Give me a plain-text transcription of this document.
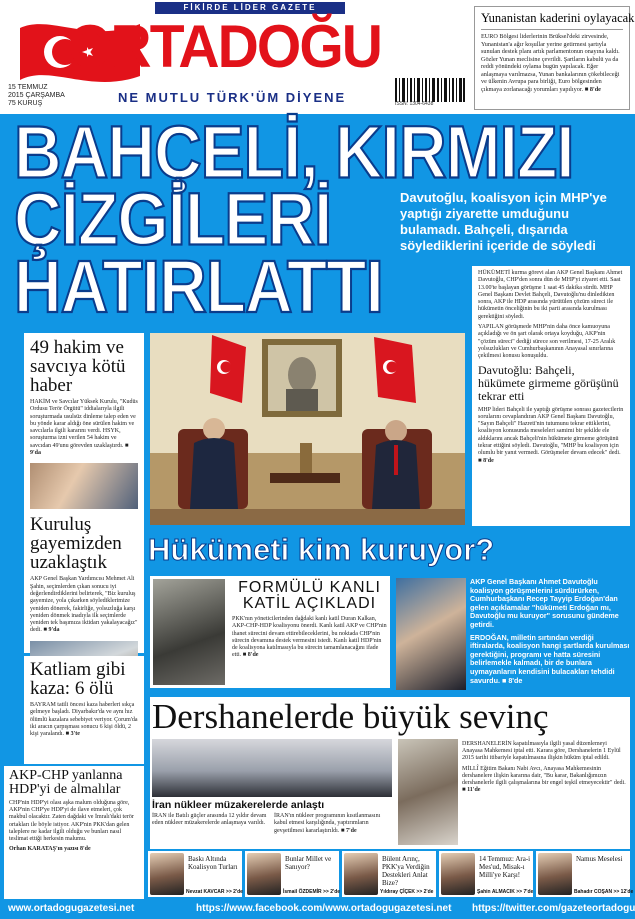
FİKİRDE LİDER GAZETE
ORTADOĞU
15 TEMMUZ
2015 ÇARŞAMBA
75 KURUŞ	NE MUTLU TÜRK'ÜM DİYENE	ISSN: 1304-6438
Yunanistan kaderini oylayacak
EURO Bölgesi liderlerinin Brüksel'deki zirvesinde, Yunanistan'a ağır koşullar yerine getirmesi şartıyla sunulan destek planı artık parlamentonun onayına kaldı. Gözler Yunan meclisine çevrildi. Şartların kabulü ya da reddi yönündeki oylama bugün yapılacak. Eğer anlaşmaya varılmazsa, Yunan bankalarının çökebileceği ve ülkenin Avrupa para birliği, Euro bölgesinden çıkmaya zorlanacağı yorumları yapılıyor. ■ 8'de
BAHÇELİ, KIRMIZI
ÇİZGİLERİ
HATIRLATTI
Davutoğlu, koalisyon için MHP'ye yaptığı ziyarette umduğunu bulamadı. Bahçeli, dışarıda söylediklerini içeride de söyledi

HÜKÜMETİ kurma görevi alan AKP Genel Başkanı Ahmet Davutoğlu, CHP'den sonra dün de MHP'yi ziyaret etti. Saat 13.00'te başlayan görüşme 1 saat 45 dakika sürdü. MHP Genel Başkanı Devlet Bahçeli, Davutoğlu'nu dinledikten sonra, AKP ile HDP arasında yürütülen çözüm süreci ile hükümetin önceliğinin bu iki parti arasında kurulması gerektiğini söyledi.

YAPILAN görüşmede MHP'nin daha önce kamuoyuna açıkladığı ve ön şart olarak ortaya koyduğu, AKP'nin "çözüm süreci" dediği sürece son verilmesi, 17-25 Aralık yolsuzlukları ve Cumhurbaşkanının Anayasal sınırlarına çekilmesi konusu konuşuldu.

Davutoğlu: Bahçeli, hükümete girmeme görüşünü tekrar etti

MHP lideri Bahçeli ile yaptığı görüşme sonrası gazetecilerin sorularını cevaplandıran AKP Genel Başkanı Davutoğlu, "Sayın Bahçeli" Hazreti'nin tutumunu tekrar ettiklerini, koalisyon konusunda meseleleri samimi bir şekilde ele aldıklarını ancak Bahçeli'nin hükümete girmeme görüşünü tekrar ettiğini söyledi. Davutoğlu, "MHP bu koalisyon için olumlu bir yanıt vermedi. Görüşmeler devam edecek" dedi. ■ 8'de

49 hakim ve savcıya kötü haber
HAKİM ve Savcılar Yüksek Kurulu, "Kudüs Ordusu Terör Örgütü" iddialarıyla ilgili soruşturmada usulsüz dinleme talep eden ve bu yönde karar aldığı öne sürülen hakim ve savcılarla ilgili kararını verdi. HSYK, soruşturma izni verilen 54 hakim ve savcıdan 49'unu görevden uzaklaştırdı. ■ 9'da
Kuruluş gayemizden uzaklaştık
AKP Genel Başkan Yardımcısı Mehmet Ali Şahin, seçimlerden çıkan sonucu iyi değerlendirdiklerini belirterek, "Biz kuruluş gayemize, yola çıkarken söylediklerimize yeniden dönerek, fakirliğe, yolsuzluğa karşı yeniden dönmek inadıyla ilk seçimlerde yeniden tek başımıza iktidarı yakalayacağız" dedi. ■ 9'da
Hükümeti kim kuruyor?
FORMÜLÜ KANLI KATİL AÇIKLADI
PKK'nın yöneticilerinden dağdaki kanlı katil Duran Kalkan, AKP-CHP-HDP koalisyonu önerdi. Kanlı katil AKP ve CHP'nin ihanet sürecini devam ettirebileceklerini, bu noktada CHP'nin sürecin devamına destek vermesini istedi. Kanlı katil HDP'nin de koalisyona katılmasıyla bu sürecin tamamlanacağını ifade etti. ■ 8'de

AKP Genel Başkanı Ahmet Davutoğlu koalisyon görüşmelerini sürdürürken, Cumhurbaşkanı Recep Tayyip Erdoğan'dan gelen açıklamalar "hükümeti Erdoğan mı, Davutoğlu mu kuruyor" sorusunu gündeme getirdi.

ERDOĞAN, milletin sırtından verdiği iftiralarda, koalisyon hangi şartlarda kurulması gerektiğini, programı ve hatta süresini belirlemekle kalmadı, bir de bunlara uymayanların kendisini bulacakları tehdidi savurdu. ■ 8'de

Dershanelerde büyük sevinç
İran nükleer müzakerelerde anlaştı
İRAN ile Batılı güçler arasında 12 yıldır devam eden nükleer müzakerelerde anlaşmaya varıldı.
İRAN'ın nükleer programının kısıtlanmasını kabul etmesi karşılığında, yaptırımların gevşetilmesi kararlaştırıldı. ■ 7'de

DERSHANELERİN kapatılmasıyla ilgili yasal düzenlemeyi Anayasa Mahkemesi iptal etti. Karara göre, Dershanelerin 1 Eylül 2015 tarihi itibariyle kapatılmasına ilişkin hüküm iptal edildi.

MİLLÎ Eğitim Bakanı Nabi Avcı, Anayasa Mahkemesinin dershanelere ilişkin kararına dair, "Bu karar, Bakanlığımızın dershanelerle ilgili çalışmalarına bir engel teşkil etmeyecektir" dedi. ■ 11'de

Katliam gibi kaza: 6 ölü
BAYRAM tatili öncesi kaza haberleri sıkça gelmeye başladı. Diyarbakır'da ve aynı hız ölümlü kazalara sebebiyet veriyor. Çorum'da iki aracın çarpışması sonucu 6 kişi öldü, 2 kişi yaralandı. ■ 3'te
AKP-CHP yanlanna HDP'yi de almalılar
CHP'nin HDP'yi olası aşka malum olduğuna göre, AKP'nin CHP'ye HDP'yi de ilave etmeleri, çok makbul olacaktır. Zaten dağdaki ve İmralı'daki terör ortakları ile böyle istiyor. AKP'nin PKK'dan gelen taleplere ne kadar ilgili olduğu ve bunları nasıl teslimat ettiği herkesin malumu.
Orhan KARATAŞ'ın yazısı 8'de
Baskı Altında Koalisyon Turları
Nevzat KAVCAR >> 2'de
Bunlar Millet ve Sanıyor?
İsmail ÖZDEMİR >> 2'de
Bülent Arınç, PKK'ya Verdiğin Destekleri Anlat Bize?
Yıldıray ÇİÇEK >> 2'de
14 Temmuz: Ara-i Mes'ud, Misak-ı Milli'ye Karşı!
Şahin ALMACIK >> 7'de
Namus Meselesi
Bahadır COŞAN >> 12'de
www.ortadogugazetesi.net	https://www.facebook.com/www.ortadogugazetesi.net https://twitter.com/gazeteortadogu
